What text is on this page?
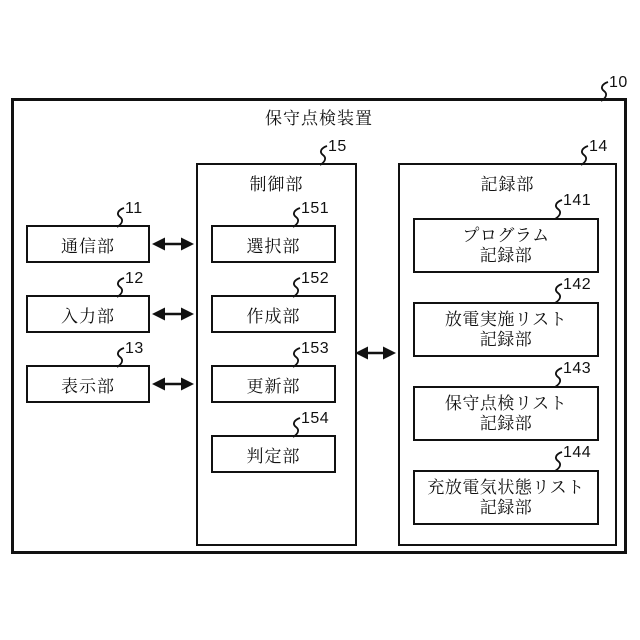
保守点検装置
通信部
入力部
表示部
制御部
選択部
作成部
更新部
判定部
記録部
プログラム
記録部
放電実施リスト
記録部
保守点検リスト
記録部
充放電気状態リスト
記録部
10
15	14
11
12
13
151
152
153
154
141
142
143
144
